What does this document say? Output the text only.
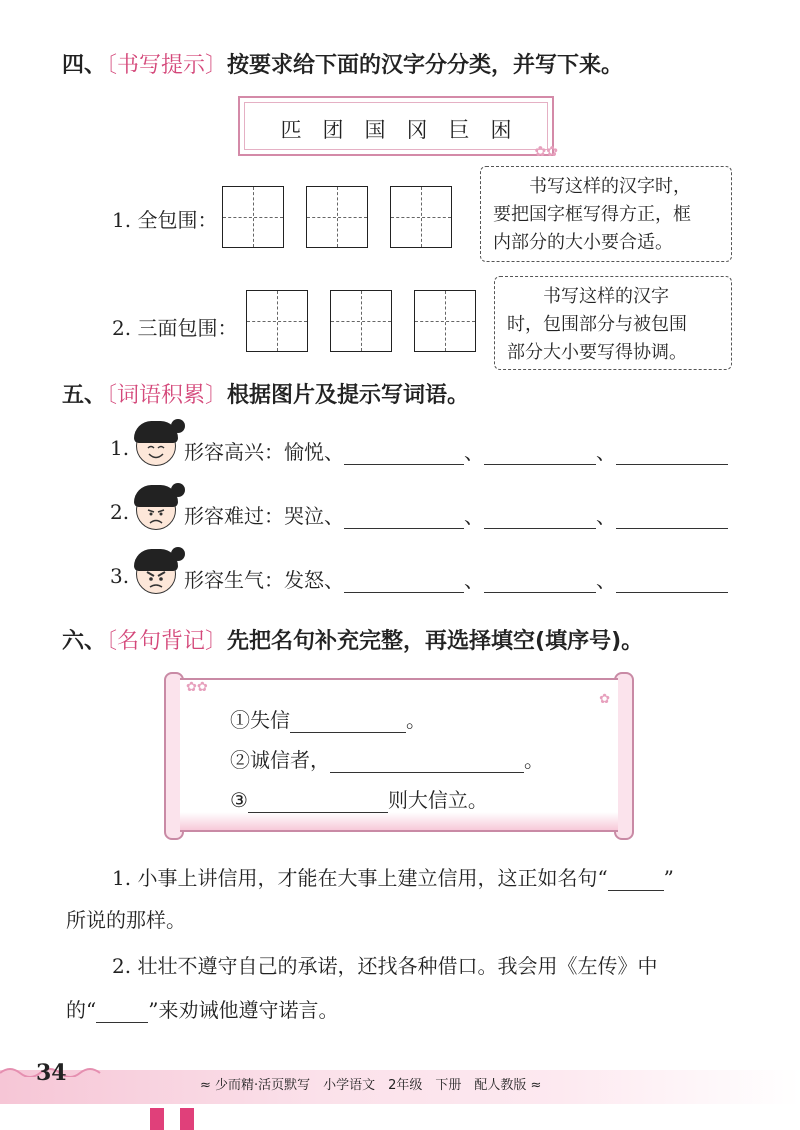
四、〔书写提示〕按要求给下面的汉字分分类，并写下来。
匹　团　国　冈　巨　困
✿✿
1. 全包围：
　　书写这样的汉字时，
要把国字框写得方正，框
内部分的大小要合适。
2. 三面包围：
　　书写这样的汉字
时，包围部分与被包围
部分大小要写得协调。
五、〔词语积累〕根据图片及提示写词语。
1.	形容高兴：愉悦、	、	、
2.	形容难过：哭泣、	、	、
3.	形容生气：发怒、	、	、
六、〔名句背记〕先把名句补充完整，再选择填空(填序号)。
✿✿
✿
①失信	。
②诚信者，	。
③	则大信立。
1. 小事上讲信用，才能在大事上建立信用，这正如名句“	”
所说的那样。
2. 壮壮不遵守自己的承诺，还找各种借口。我会用《左传》中
的“	”来劝诫他遵守诺言。
34	≈ 少而精·活页默写　小学语文　2年级　下册　配人教版 ≈
